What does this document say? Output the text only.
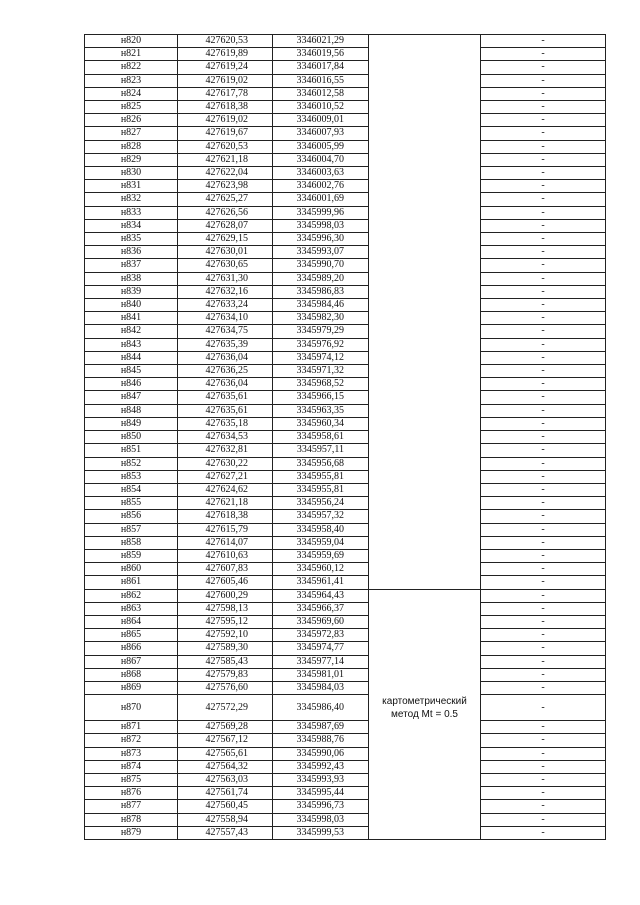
н820	427620,53	3346021,29		-
н821	427619,89	3346019,56		-
н822	427619,24	3346017,84		-
н823	427619,02	3346016,55		-
н824	427617,78	3346012,58		-
н825	427618,38	3346010,52		-
н826	427619,02	3346009,01		-
н827	427619,67	3346007,93		-
н828	427620,53	3346005,99		-
н829	427621,18	3346004,70		-
н830	427622,04	3346003,63		-
н831	427623,98	3346002,76		-
н832	427625,27	3346001,69		-
н833	427626,56	3345999,96		-
н834	427628,07	3345998,03		-
н835	427629,15	3345996,30		-
н836	427630,01	3345993,07		-
н837	427630,65	3345990,70		-
н838	427631,30	3345989,20		-
н839	427632,16	3345986,83		-
н840	427633,24	3345984,46		-
н841	427634,10	3345982,30		-
н842	427634,75	3345979,29		-
н843	427635,39	3345976,92		-
н844	427636,04	3345974,12		-
н845	427636,25	3345971,32		-
н846	427636,04	3345968,52		-
н847	427635,61	3345966,15		-
н848	427635,61	3345963,35		-
н849	427635,18	3345960,34		-
н850	427634,53	3345958,61		-
н851	427632,81	3345957,11		-
н852	427630,22	3345956,68		-
н853	427627,21	3345955,81		-
н854	427624,62	3345955,81		-
н855	427621,18	3345956,24		-
н856	427618,38	3345957,32		-
н857	427615,79	3345958,40		-
н858	427614,07	3345959,04		-
н859	427610,63	3345959,69		-
н860	427607,83	3345960,12		-
н861	427605,46	3345961,41		-
н862	427600,29	3345964,43		-
н863	427598,13	3345966,37		-
н864	427595,12	3345969,60		-
н865	427592,10	3345972,83		-
н866	427589,30	3345974,77		-
н867	427585,43	3345977,14		-
н868	427579,83	3345981,01		-
н869	427576,60	3345984,03		-
н870	427572,29	3345986,40	картометрический метод Mt = 0.5	-
н871	427569,28	3345987,69		-
н872	427567,12	3345988,76		-
н873	427565,61	3345990,06		-
н874	427564,32	3345992,43		-
н875	427563,03	3345993,93		-
н876	427561,74	3345995,44		-
н877	427560,45	3345996,73		-
н878	427558,94	3345998,03		-
н879	427557,43	3345999,53		-
